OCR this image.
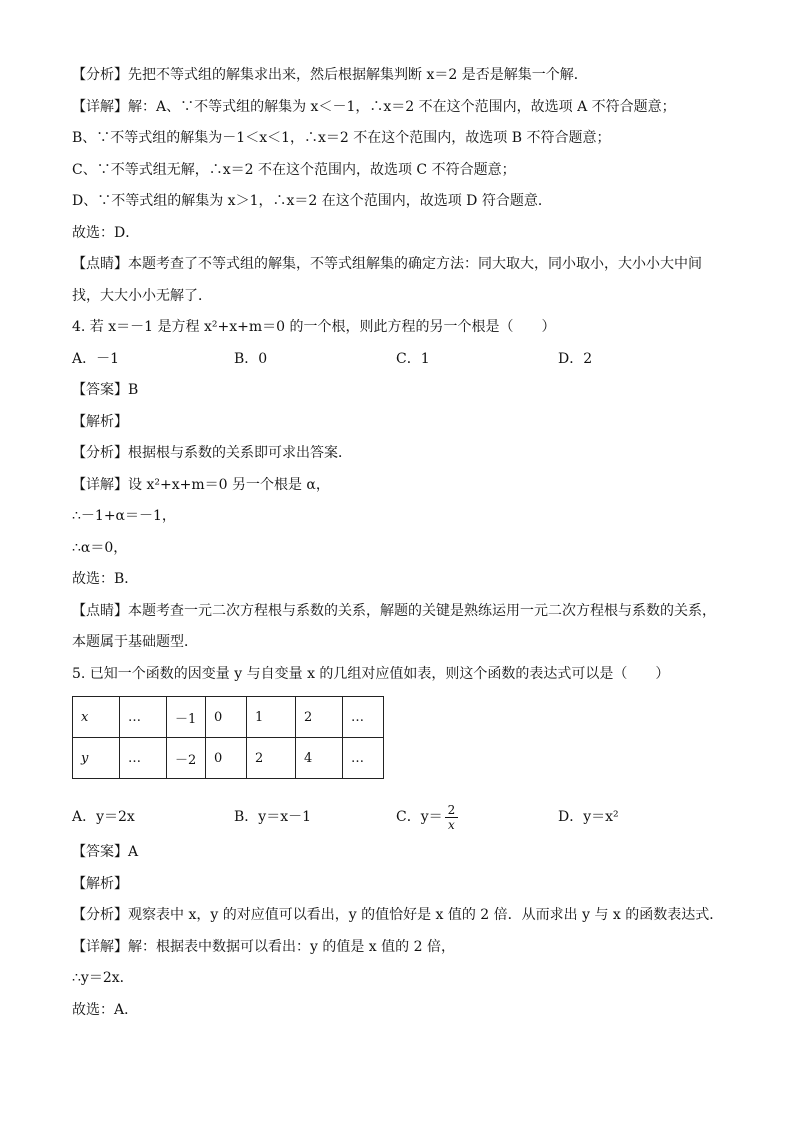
【分析】先把不等式组的解集求出来，然后根据解集判断 x＝2 是否是解集一个解．
【详解】解：A、∵不等式组的解集为 x＜－1，∴x＝2 不在这个范围内，故选项 A 不符合题意；
B、∵不等式组的解集为－1＜x＜1，∴x＝2 不在这个范围内，故选项 B 不符合题意；
C、∵不等式组无解，∴x＝2 不在这个范围内，故选项 C 不符合题意；
D、∵不等式组的解集为 x＞1，∴x＝2 在这个范围内，故选项 D 符合题意．
故选：D．
【点睛】本题考查了不等式组的解集，不等式组解集的确定方法：同大取大，同小取小，大小小大中间
找，大大小小无解了．
4. 若 x＝－1 是方程 x²+x+m＝0 的一个根，则此方程的另一个根是（　　）
A．－1	B．0	C．1	D．2
【答案】B
【解析】
【分析】根据根与系数的关系即可求出答案．
【详解】设 x²+x+m＝0 另一个根是 α，
∴－1+α＝－1，
∴α＝0，
故选：B．
【点睛】本题考查一元二次方程根与系数的关系，解题的关键是熟练运用一元二次方程根与系数的关系，
本题属于基础题型．
5. 已知一个函数的因变量 y 与自变量 x 的几组对应值如表，则这个函数的表达式可以是（　　）
x	…	－1	0	1	2	…
y	…	－2	0	2	4	…
A．y＝2x	B．y＝x－1	C．$y= \frac{2}{x}$	D．y＝x²
【答案】A
【解析】
【分析】观察表中 x，y 的对应值可以看出，y 的值恰好是 x 值的 2 倍．从而求出 y 与 x 的函数表达式．
【详解】解：根据表中数据可以看出：y 的值是 x 值的 2 倍，
∴y＝2x．
故选：A．
